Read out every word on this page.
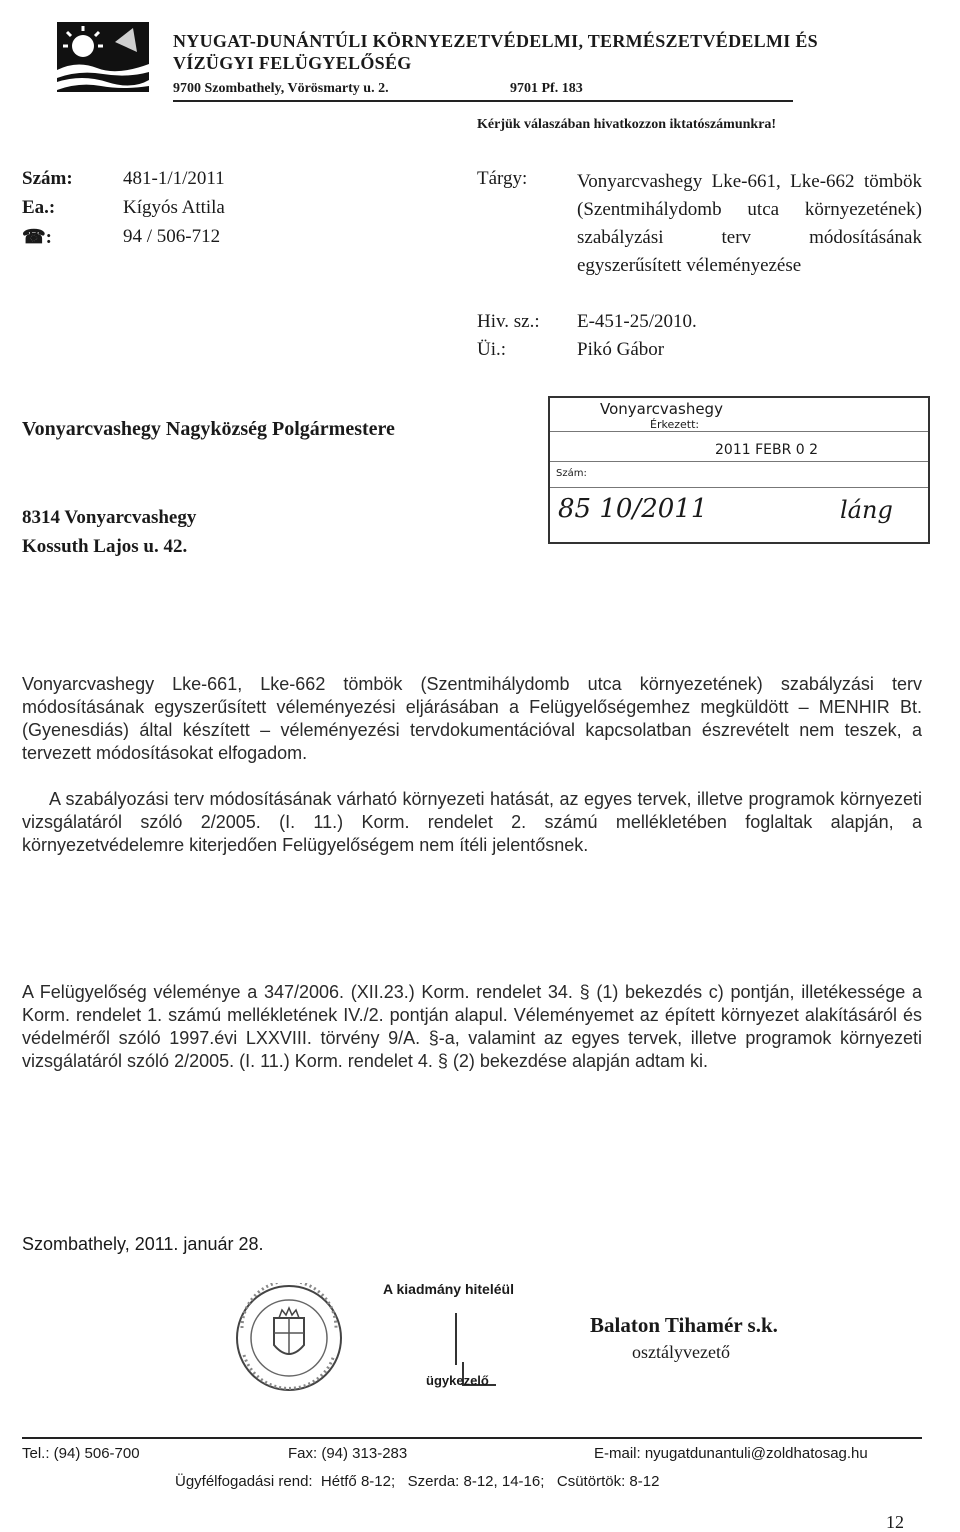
NYUGAT-DUNÁNTÚLI KÖRNYEZETVÉDELMI, TERMÉSZETVÉDELMI ÉS VÍZÜGYI FELÜGYELŐSÉG
9700 Szombathely, Vörösmarty u. 2.	9701 Pf. 183
Kérjük válaszában hivatkozzon iktatószámunkra!
Szám:	481-1/1/2011
Ea.:	Kígyós Attila
☎:	94 / 506-712
Tárgy:	Vonyarcvashegy Lke-661, Lke-662 tömbök (Szentmihálydomb utca környezetének) szabályzási terv módosításának egyszerűsített véleményezése
Hiv. sz.: E-451-25/2010.
Üi.:	Pikó Gábor
Vonyarcvashegy Nagyközség Polgármestere
8314 Vonyarcvashegy
Kossuth Lajos u. 42.
Vonyarcvashegy
Érkezett:
2011 FEBR 0 2
Szám:
85 10/2011	láng
Vonyarcvashegy Lke-661, Lke-662 tömbök (Szentmihálydomb utca környezetének) szabályzási terv módosításának egyszerűsített véleményezési eljárásában a Felügyelőségemhez megküldött – MENHIR Bt. (Gyenesdiás) által készített – véleményezési tervdokumentációval kapcsolatban észrevételt nem teszek, a tervezett módosításokat elfogadom.
A szabályozási terv módosításának várható környezeti hatását, az egyes tervek, illetve programok környezeti vizsgálatáról szóló 2/2005. (I. 11.) Korm. rendelet 2. számú mellékletében foglaltak alapján, a környezetvédelemre kiterjedően Felügyelőségem nem ítéli jelentősnek.
A Felügyelőség véleménye a 347/2006. (XII.23.) Korm. rendelet 34. § (1) bekezdés c) pontján, illetékessége a Korm. rendelet 1. számú mellékletének IV./2. pontján alapul. Véleményemet az épített környezet alakításáról és védelméről szóló 1997.évi LXXVIII. törvény 9/A. §-a, valamint az egyes tervek, illetve programok környezeti vizsgálatáról szóló 2/2005. (I. 11.) Korm. rendelet 4. § (2) bekezdése alapján adtam ki.
Szombathely, 2011. január 28.
A kiadmány hiteléül
ügykezelő
Balaton Tihamér s.k.
osztályvezető
Tel.: (94) 506-700	Fax: (94) 313-283	E-mail: nyugatdunantuli@zoldhatosag.hu
Ügyfélfogadási rend:  Hétfő 8-12;   Szerda: 8-12, 14-16;   Csütörtök: 8-12
12
